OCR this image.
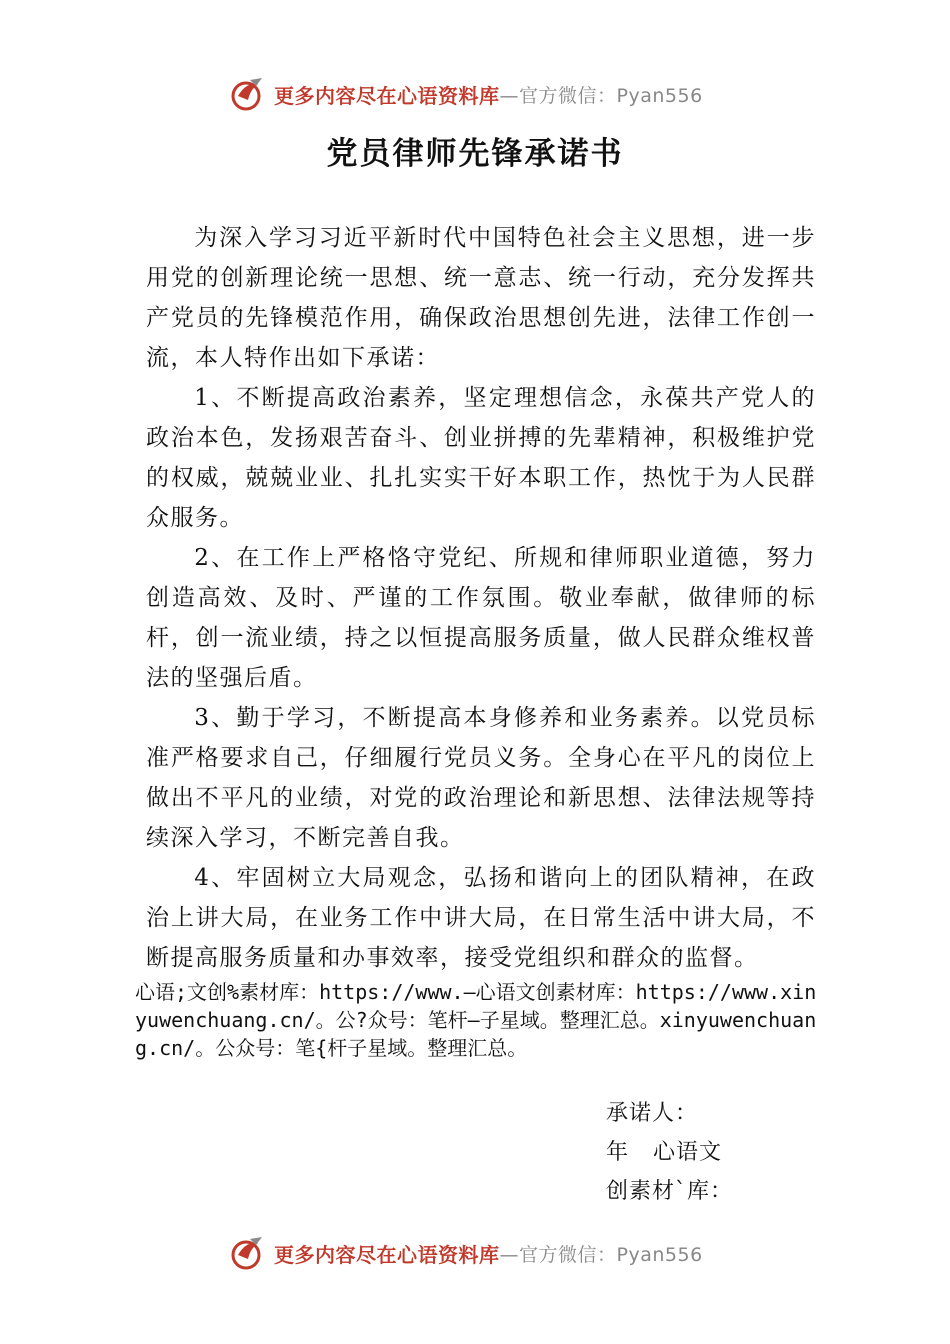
更多内容尽在心语资料库 —官方微信：Pyan556
党员律师先锋承诺书

为深入学习习近平新时代中国特色社会主义思想，进一步用党的创新理论统一思想、统一意志、统一行动，充分发挥共产党员的先锋模范作用，确保政治思想创先进，法律工作创一流，本人特作出如下承诺：

1、不断提高政治素养，坚定理想信念，永葆共产党人的政治本色，发扬艰苦奋斗、创业拼搏的先辈精神，积极维护党的权威，兢兢业业、扎扎实实干好本职工作，热忱于为人民群众服务。

2、在工作上严格恪守党纪、所规和律师职业道德，努力创造高效、及时、严谨的工作氛围。敬业奉献，做律师的标杆，创一流业绩，持之以恒提高服务质量，做人民群众维权普法的坚强后盾。

3、勤于学习，不断提高本身修养和业务素养。以党员标准严格要求自己，仔细履行党员义务。全身心在平凡的岗位上做出不平凡的业绩，对党的政治理论和新思想、法律法规等持续深入学习，不断完善自我。

4、牢固树立大局观念，弘扬和谐向上的团队精神，在政治上讲大局，在业务工作中讲大局，在日常生活中讲大局，不断提高服务质量和办事效率，接受党组织和群众的监督。

心语;文创%素材库：https://www.—心语文创素材库：https://www.xinyuwenchuang.cn/。公?众号：笔杆—子星域。整理汇总。xinyuwenchuang.cn/。公众号：笔{杆子星域。整理汇总。
承诺人：
年   心语文
创素材`库：
更多内容尽在心语资料库 —官方微信：Pyan556
